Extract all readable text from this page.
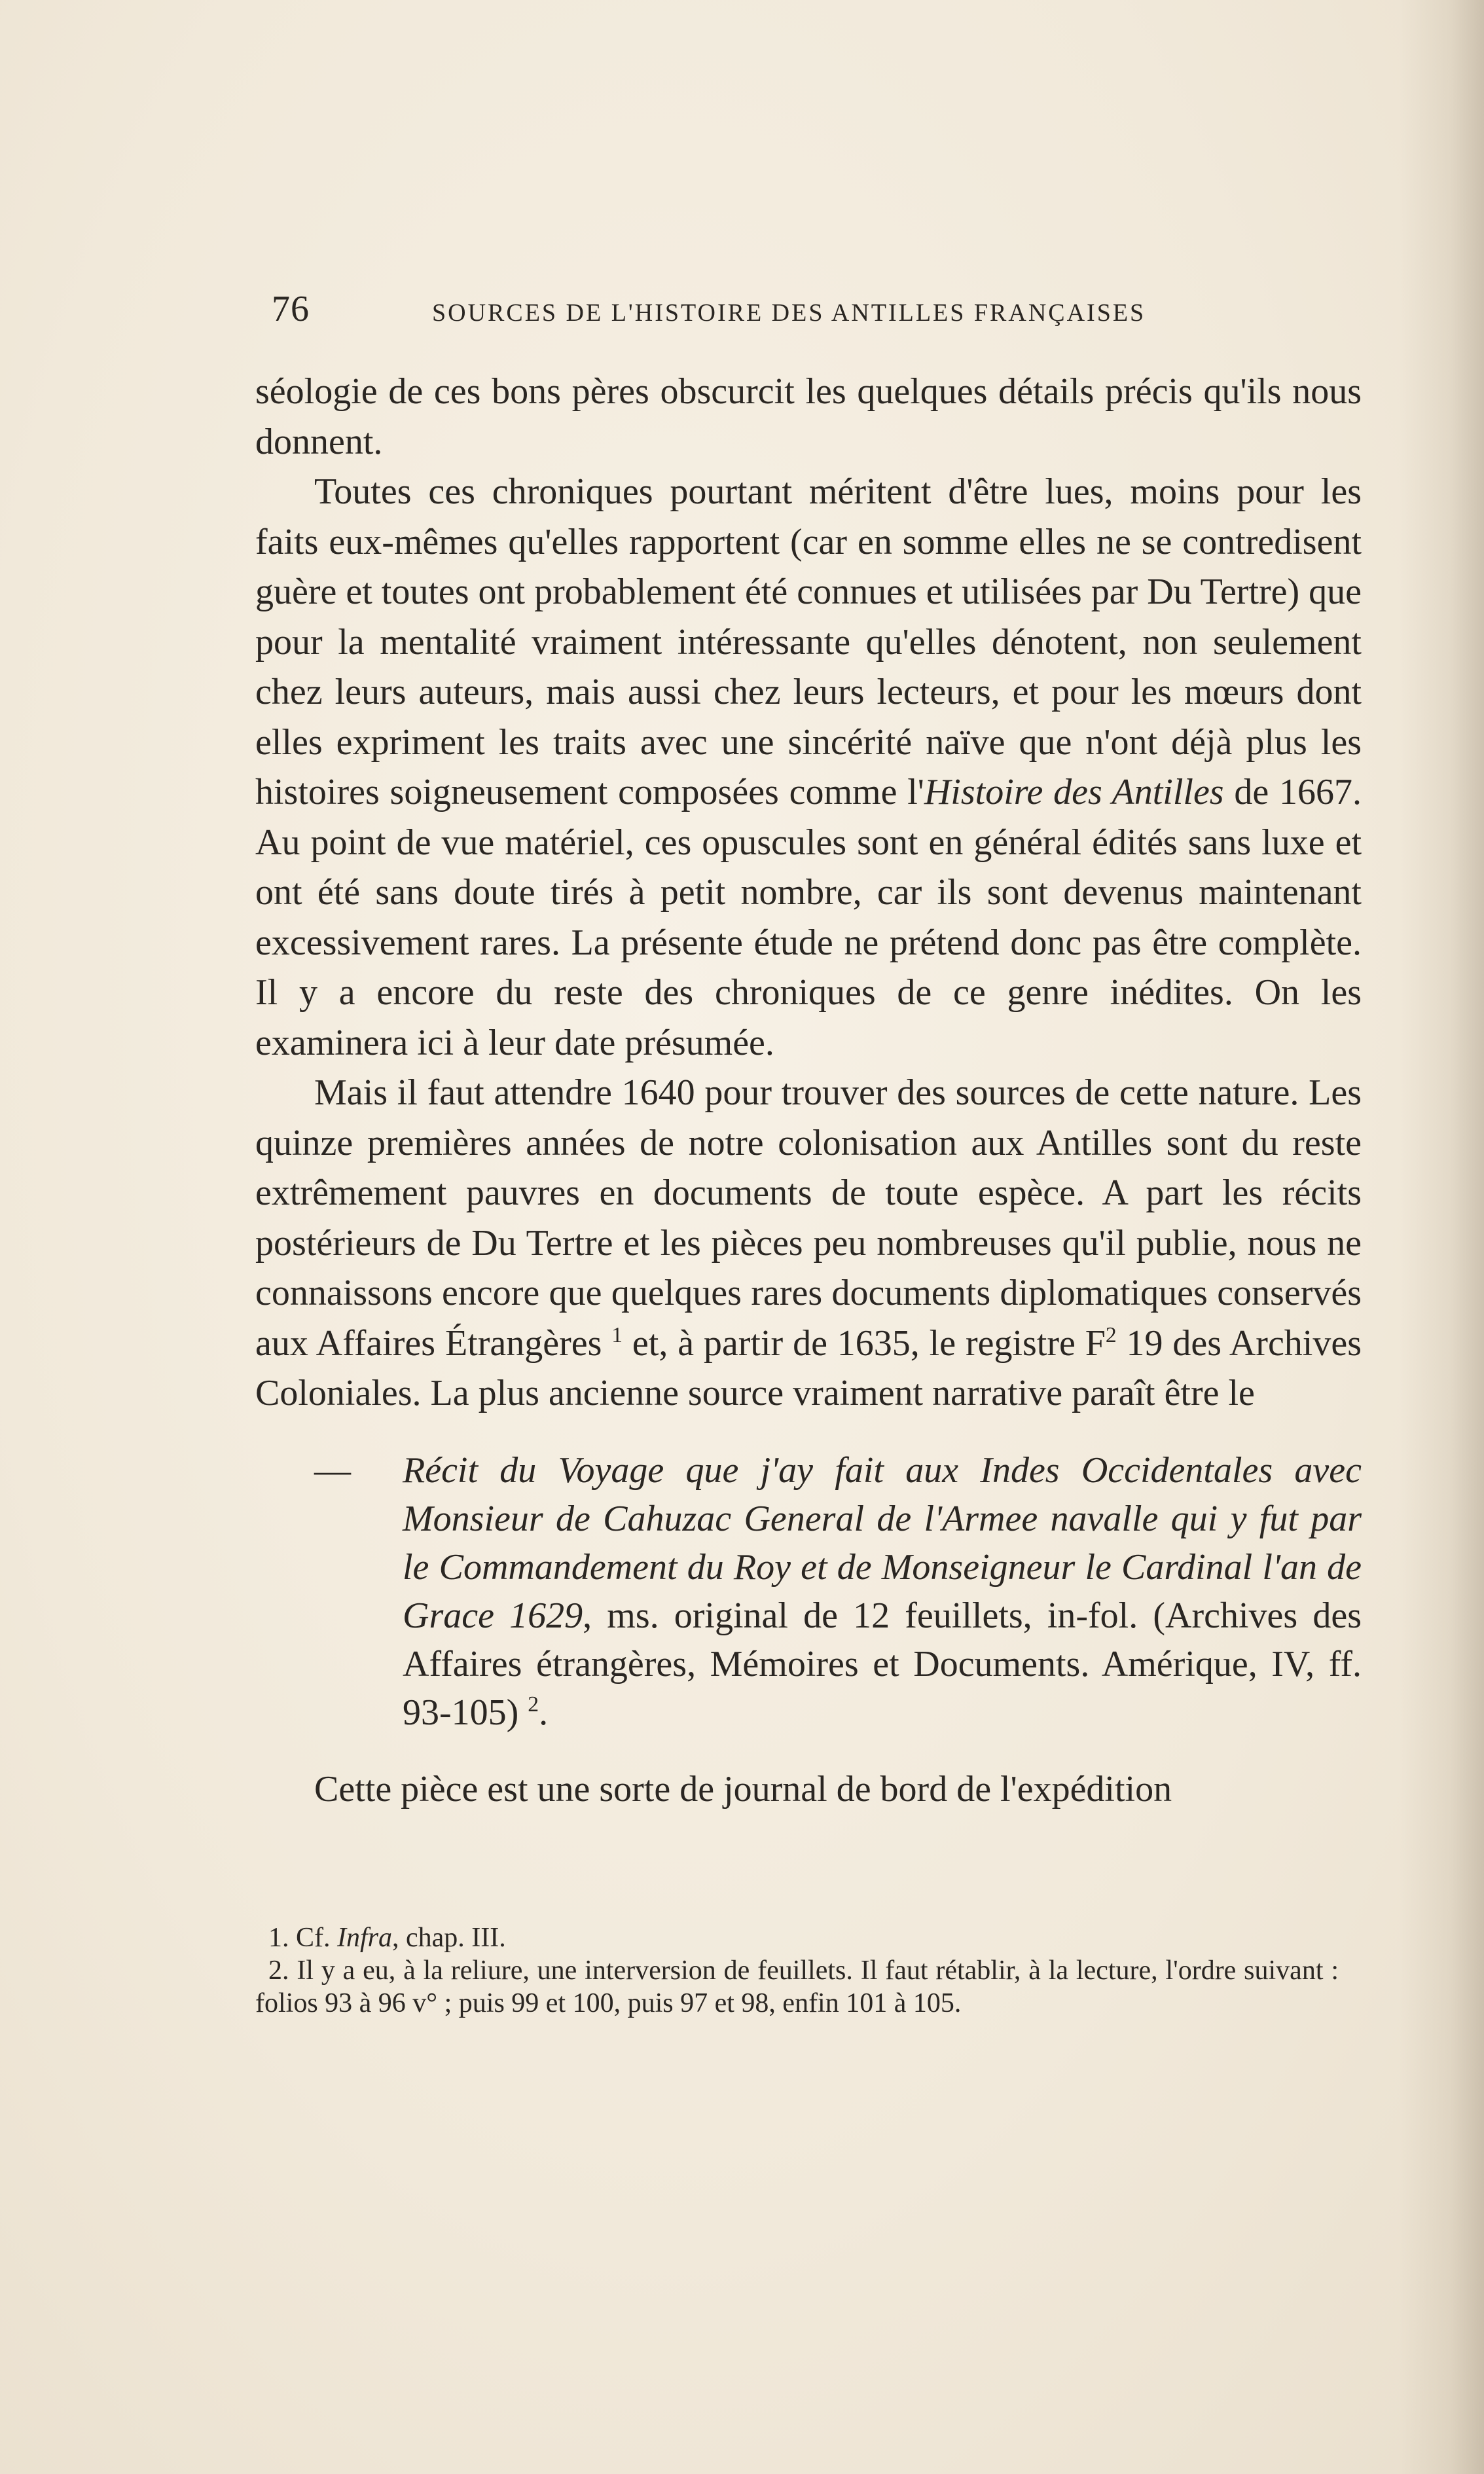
76	SOURCES DE L'HISTOIRE DES ANTILLES FRANÇAISES

séologie de ces bons pères obscurcit les quelques détails précis qu'ils nous donnent.

Toutes ces chroniques pourtant méritent d'être lues, moins pour les faits eux-mêmes qu'elles rapportent (car en somme elles ne se contredisent guère et toutes ont probablement été connues et utilisées par Du Tertre) que pour la mentalité vraiment intéressante qu'elles dénotent, non seulement chez leurs auteurs, mais aussi chez leurs lecteurs, et pour les mœurs dont elles expriment les traits avec une sincérité naïve que n'ont déjà plus les histoires soigneusement composées comme l'Histoire des Antilles de 1667. Au point de vue matériel, ces opuscules sont en général édités sans luxe et ont été sans doute tirés à petit nombre, car ils sont devenus maintenant excessivement rares. La présente étude ne prétend donc pas être complète. Il y a encore du reste des chroniques de ce genre inédites. On les examinera ici à leur date présumée.

Mais il faut attendre 1640 pour trouver des sources de cette nature. Les quinze premières années de notre colonisation aux Antilles sont du reste extrêmement pauvres en documents de toute espèce. A part les récits postérieurs de Du Tertre et les pièces peu nombreuses qu'il publie, nous ne connaissons encore que quelques rares documents diplomatiques conservés aux Affaires Étrangères $^1$ et, à partir de 1635, le registre $F^2$ 19 des Archives Coloniales. La plus ancienne source vraiment narrative paraît être le

— Récit du Voyage que j'ay fait aux Indes Occidentales avec Monsieur de Cahuzac General de l'Armee navalle qui y fut par le Commandement du Roy et de Monseigneur le Cardinal l'an de Grace 1629, ms. original de 12 feuillets, in-fol. (Archives des Affaires étrangères, Mémoires et Documents. Amérique, IV, ff. 93-105) $^2$.

Cette pièce est une sorte de journal de bord de l'expédition

1. Cf. Infra, chap. III.

2. Il y a eu, à la reliure, une interversion de feuillets. Il faut rétablir, à la lecture, l'ordre suivant : folios 93 à 96 v° ; puis 99 et 100, puis 97 et 98, enfin 101 à 105.
